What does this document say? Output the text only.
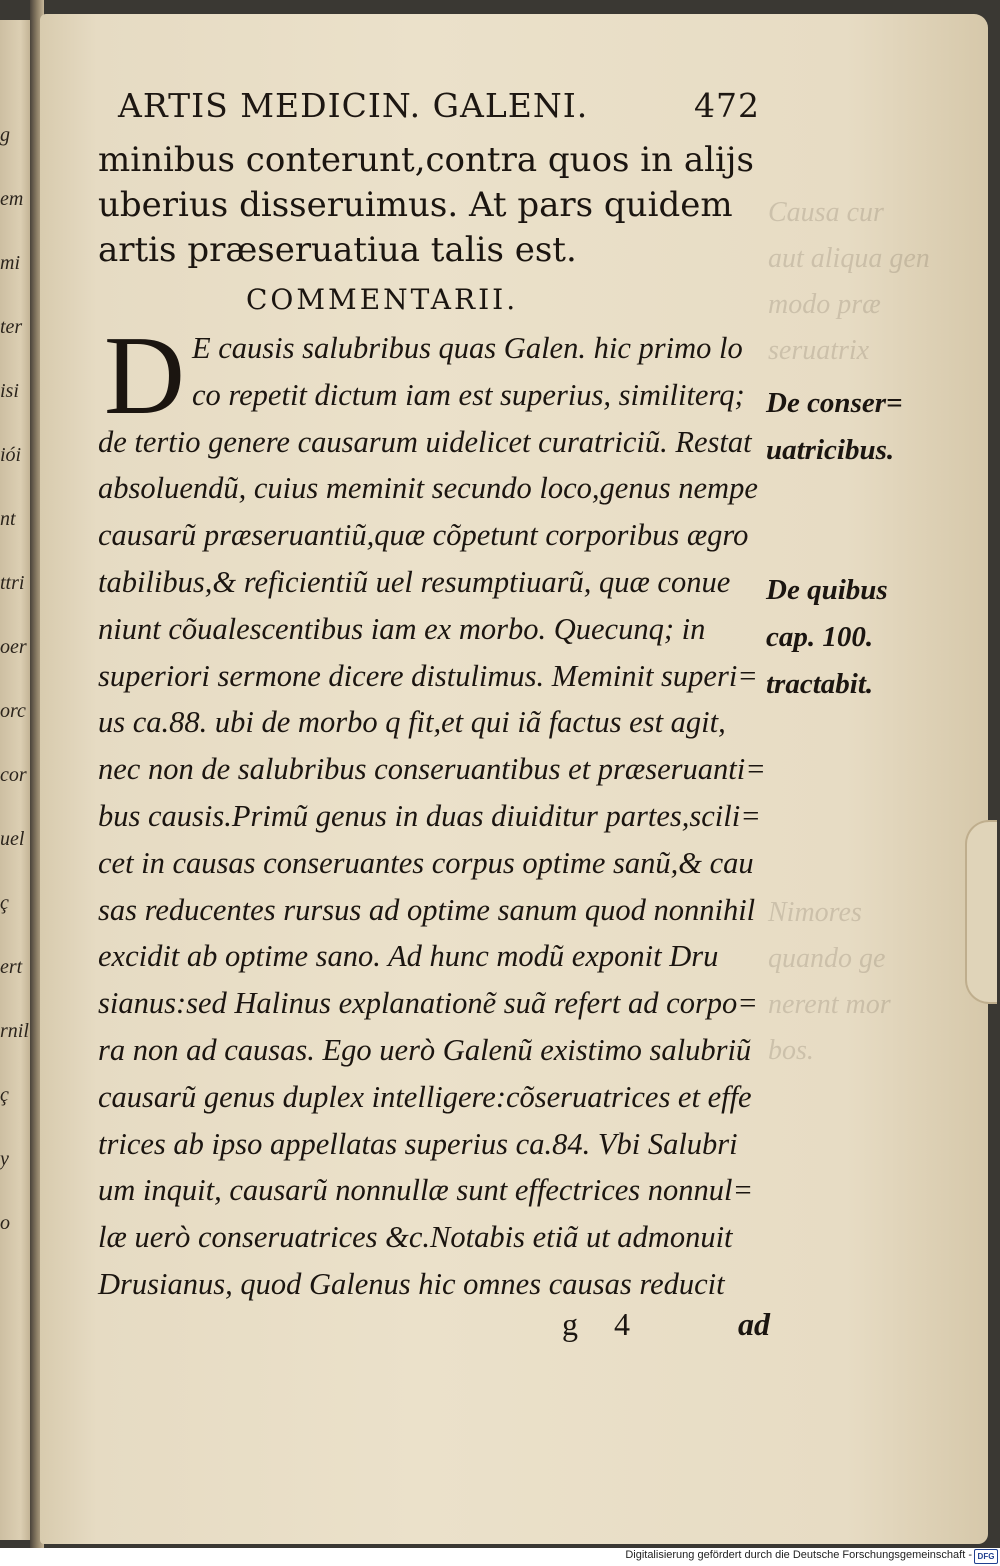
g
em
mi
ter
isi
iói
nt
ttri
oer
orc
cor
uel
ç
ert
rnil
ç
y
o
Causa cur
aut aliqua gen
modo præ
seruatrix
Nimores
quando ge
nerent mor
bos.
ARTIS MEDICIN. GALENI.	472
minibus conterunt,contra quos in alijs
uberius disseruimus. At pars quidem
artis præseruatiua talis est.
COMMENTARII.
D E causis salubribus quas Galen. hic primo lo
co repetit dictum iam est superius, similiterq;
de tertio genere causarum uidelicet curatriciũ. Restat
absoluendũ, cuius meminit secundo loco,genus nempe
causarũ præseruantiũ,quæ cõpetunt corporibus ægro
tabilibus,& reficientiũ uel resumptiuarũ, quæ conue
niunt cõualescentibus iam ex morbo. Quecunq; in
superiori sermone dicere distulimus. Meminit superi=
us ca.88. ubi de morbo q fit,et qui iã factus est agit,
nec non de salubribus conseruantibus et præseruanti=
bus causis.Primũ genus in duas diuiditur partes,scili=
cet in causas conseruantes corpus optime sanũ,& cau
sas reducentes rursus ad optime sanum quod nonnihil
excidit ab optime sano. Ad hunc modũ exponit Dru
sianus:sed Halinus explanationẽ suã refert ad corpo=
ra non ad causas. Ego uerò Galenũ existimo salubriũ
causarũ genus duplex intelligere:cõseruatrices et effe
trices ab ipso appellatas superius ca.84. Vbi Salubri
um inquit, causarũ nonnullæ sunt effectrices nonnul=
læ uerò conseruatrices &c.Notabis etiã ut admonuit
Drusianus, quod Galenus hic omnes causas reducit
De conser=
uatricibus.
De quibus
cap. 100.
tractabit.
g 4	ad
Digitalisierung gefördert durch die Deutsche Forschungsgemeinschaft - DFG
